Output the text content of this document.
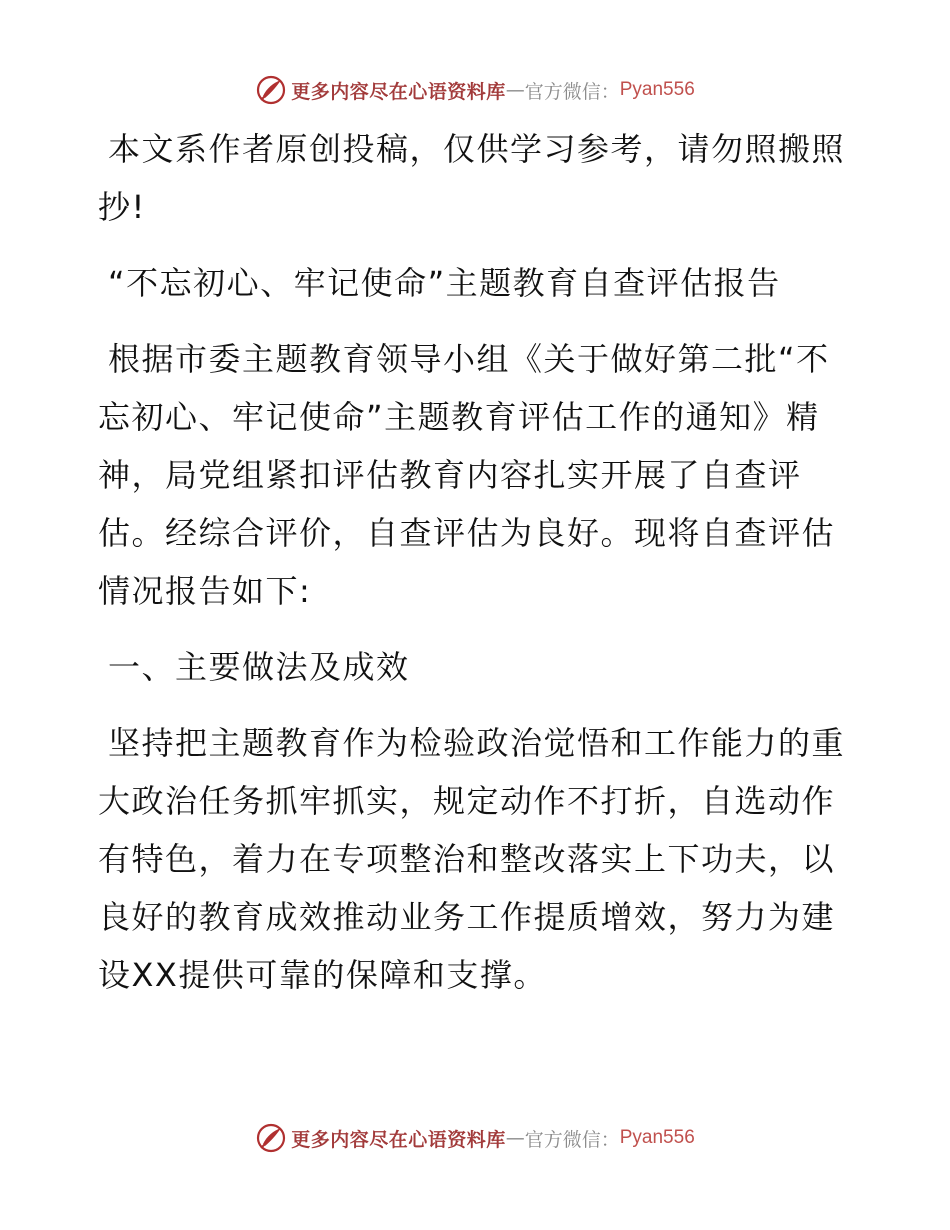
更多内容尽在心语资料库 — 官方微信： Pyan556

本文系作者原创投稿，仅供学习参考，请勿照搬照抄!

“不忘初心、牢记使命”主题教育自查评估报告

根据市委主题教育领导小组《关于做好第二批“不忘初心、牢记使命”主题教育评估工作的通知》精神，局党组紧扣评估教育内容扎实开展了自查评估。经综合评价，自查评估为良好。现将自查评估情况报告如下:

一、主要做法及成效

坚持把主题教育作为检验政治觉悟和工作能力的重大政治任务抓牢抓实，规定动作不打折，自选动作有特色，着力在专项整治和整改落实上下功夫，以良好的教育成效推动业务工作提质增效，努力为建设XX提供可靠的保障和支撑。

更多内容尽在心语资料库 — 官方微信： Pyan556
